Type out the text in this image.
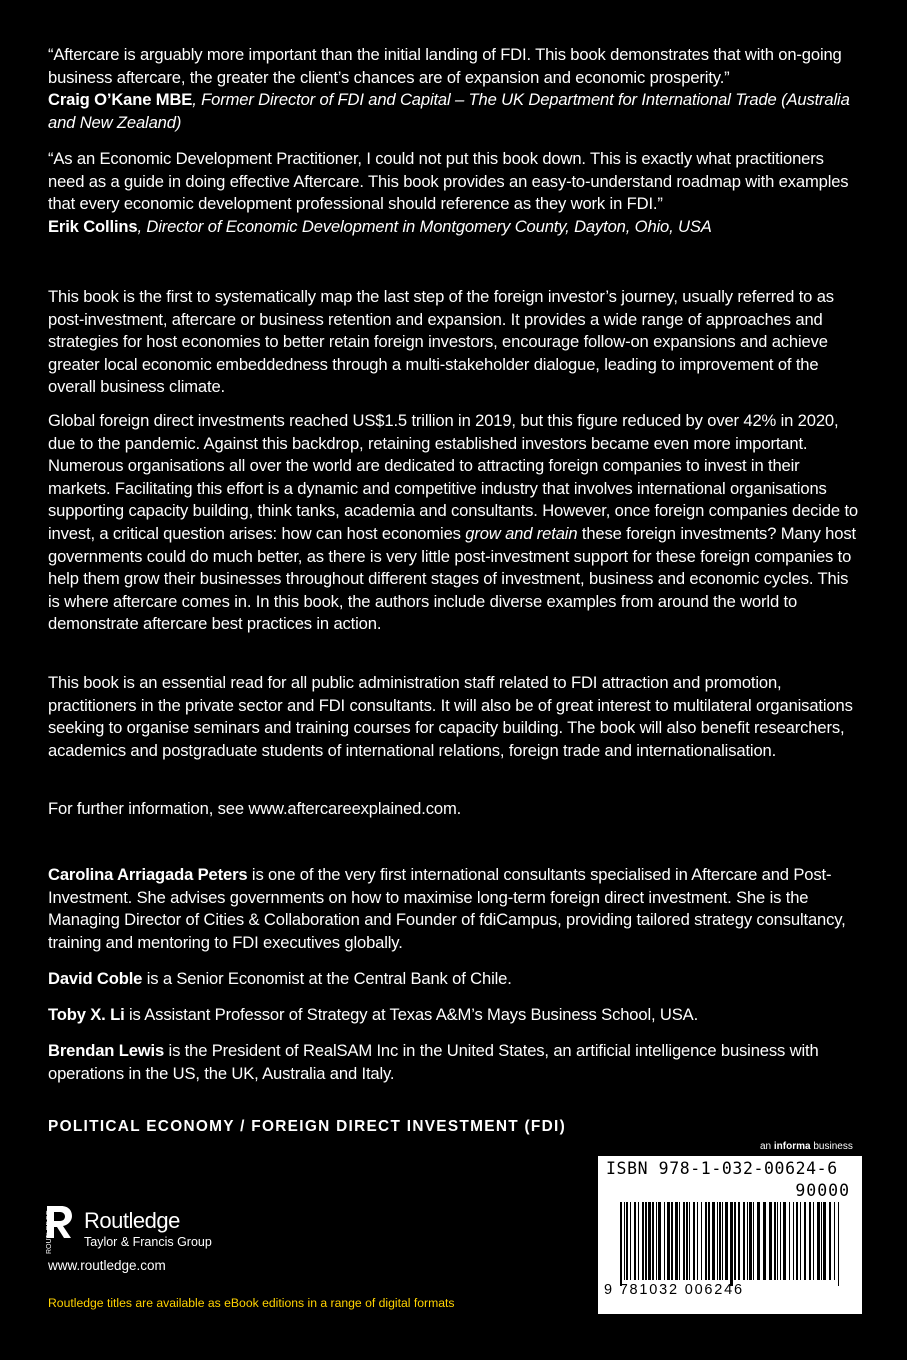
“Aftercare is arguably more important than the initial landing of FDI. This book demonstrates that with on-going business aftercare, the greater the client’s chances are of expansion and economic prosperity.”
Craig O’Kane MBE, Former Director of FDI and Capital – The UK Department for International Trade (Australia and New Zealand)

“As an Economic Development Practitioner, I could not put this book down. This is exactly what practitioners need as a guide in doing effective Aftercare. This book provides an easy-to-understand roadmap with examples that every economic development professional should reference as they work in FDI.”
Erik Collins, Director of Economic Development in Montgomery County, Dayton, Ohio, USA

This book is the first to systematically map the last step of the foreign investor’s journey, usually referred to as post-investment, aftercare or business retention and expansion. It provides a wide range of approaches and strategies for host economies to better retain foreign investors, encourage follow-on expansions and achieve greater local economic embeddedness through a multi-stakeholder dialogue, leading to improvement of the overall business climate.

Global foreign direct investments reached US$1.5 trillion in 2019, but this figure reduced by over 42% in 2020, due to the pandemic. Against this backdrop, retaining established investors became even more important. Numerous organisations all over the world are dedicated to attracting foreign companies to invest in their markets. Facilitating this effort is a dynamic and competitive industry that involves international organisations supporting capacity building, think tanks, academia and consultants. However, once foreign companies decide to invest, a critical question arises: how can host economies grow and retain these foreign investments? Many host governments could do much better, as there is very little post-investment support for these foreign companies to help them grow their businesses throughout different stages of investment, business and economic cycles. This is where aftercare comes in. In this book, the authors include diverse examples from around the world to demonstrate aftercare best practices in action.

This book is an essential read for all public administration staff related to FDI attraction and promotion, practitioners in the private sector and FDI consultants. It will also be of great interest to multilateral organisations seeking to organise seminars and training courses for capacity building. The book will also benefit researchers, academics and postgraduate students of international relations, foreign trade and internationalisation.

For further information, see www.aftercareexplained.com.

Carolina Arriagada Peters is one of the very first international consultants specialised in Aftercare and Post-Investment. She advises governments on how to maximise long-term foreign direct investment. She is the Managing Director of Cities & Collaboration and Founder of fdiCampus, providing tailored strategy consultancy, training and mentoring to FDI executives globally.

David Coble is a Senior Economist at the Central Bank of Chile.

Toby X. Li is Assistant Professor of Strategy at Texas A&M’s Mays Business School, USA.

Brendan Lewis is the President of RealSAM Inc in the United States, an artificial intelligence business with operations in the US, the UK, Australia and Italy.

POLITICAL ECONOMY / FOREIGN DIRECT INVESTMENT (FDI)
an informa business
ROUTLEDGE Routledge
Taylor & Francis Group
www.routledge.com
Routledge titles are available as eBook editions in a range of digital formats
ISBN 978-1-032-00624-6
90000
9 781032 006246
